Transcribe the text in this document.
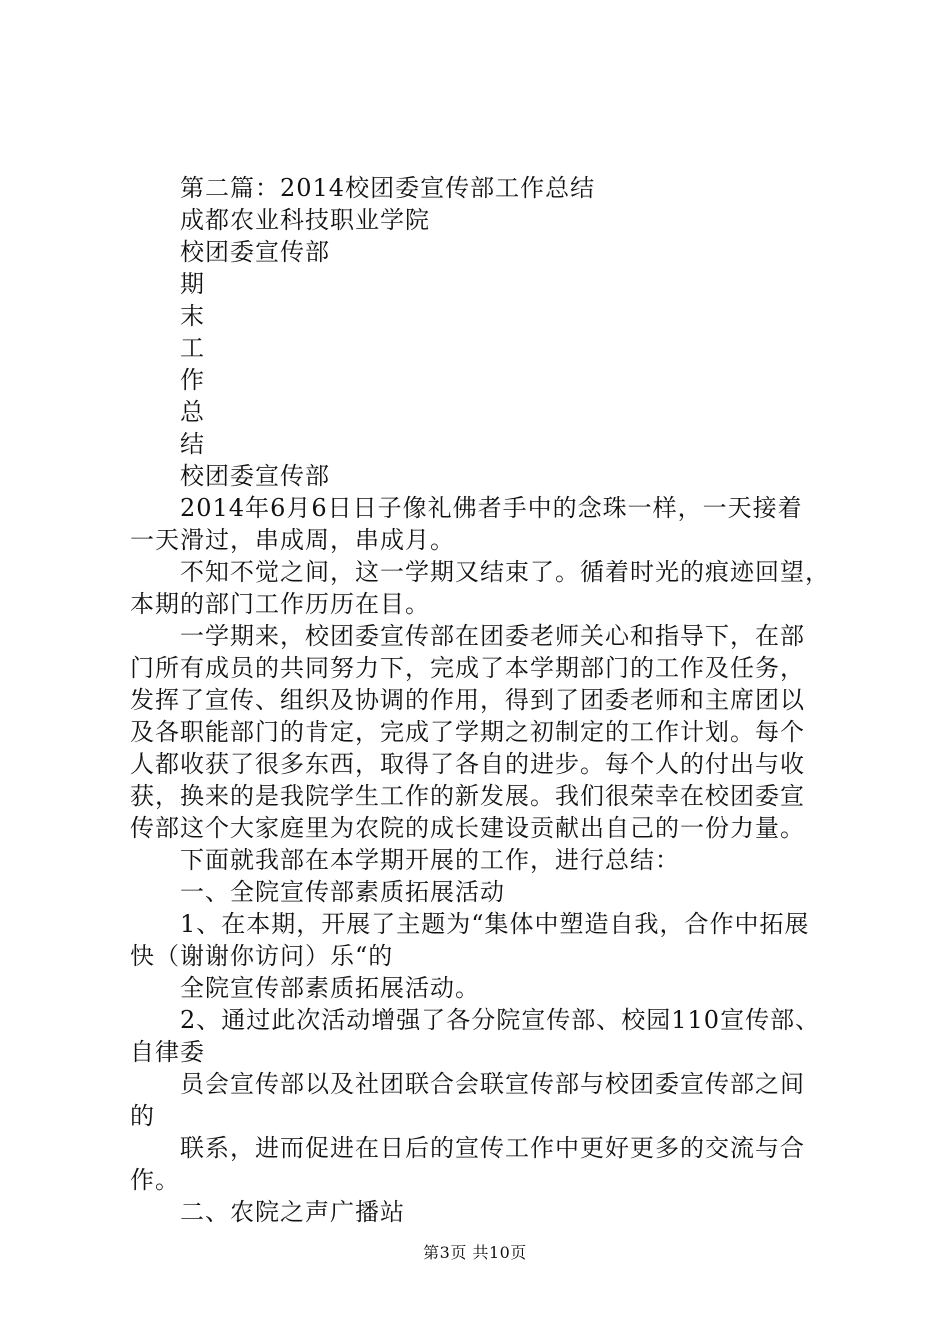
第二篇：2014校团委宣传部工作总结
成都农业科技职业学院
校团委宣传部
期
末
工
作
总
结
校团委宣传部
2014年6月6日日子像礼佛者手中的念珠一样，一天接着
一天滑过，串成周，串成月。
不知不觉之间，这一学期又结束了。循着时光的痕迹回望，
本期的部门工作历历在目。
一学期来，校团委宣传部在团委老师关心和指导下，在部
门所有成员的共同努力下，完成了本学期部门的工作及任务，
发挥了宣传、组织及协调的作用，得到了团委老师和主席团以
及各职能部门的肯定，完成了学期之初制定的工作计划。每个
人都收获了很多东西，取得了各自的进步。每个人的付出与收
获，换来的是我院学生工作的新发展。我们很荣幸在校团委宣
传部这个大家庭里为农院的成长建设贡献出自己的一份力量。
下面就我部在本学期开展的工作，进行总结：
一、全院宣传部素质拓展活动
1、在本期，开展了主题为“集体中塑造自我，合作中拓展
快（谢谢你访问）乐“的
全院宣传部素质拓展活动。
2、通过此次活动增强了各分院宣传部、校园110宣传部、
自律委
员会宣传部以及社团联合会联宣传部与校团委宣传部之间
的
联系，进而促进在日后的宣传工作中更好更多的交流与合
作。
二、农院之声广播站
第3页 共10页
